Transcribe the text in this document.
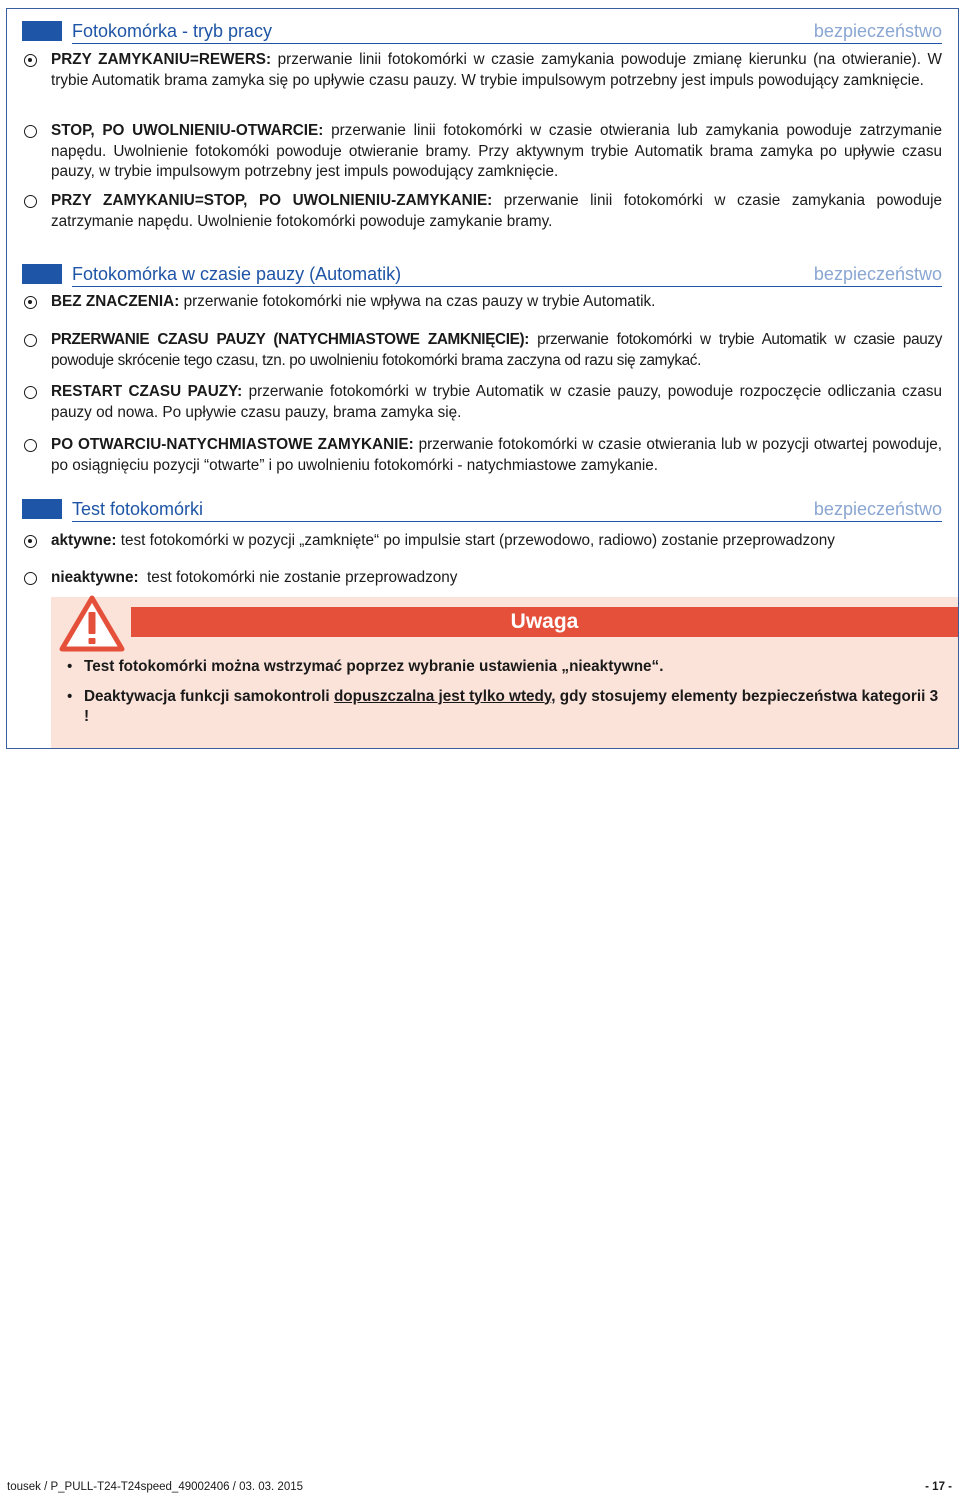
Fotokomórka - tryb pracy	bezpieczeństwo
PRZY ZAMYKANIU=REWERS: przerwanie linii fotokomórki w czasie zamykania powoduje zmianę kierunku (na otwieranie). W trybie Automatik brama zamyka się po upływie czasu pauzy. W trybie impulsowym potrzebny jest impuls powodujący zamknięcie.
STOP, PO UWOLNIENIU-OTWARCIE: przerwanie linii fotokomórki w czasie otwierania lub zamykania powoduje zatrzymanie napędu. Uwolnienie fotokomóki powoduje otwieranie bramy. Przy aktywnym trybie Automatik brama zamyka po upływie czasu pauzy, w trybie impulsowym potrzebny jest impuls powodujący zamknięcie.
PRZY ZAMYKANIU=STOP, PO UWOLNIENIU-ZAMYKANIE: przerwanie linii fotokomórki w czasie zamykania powoduje zatrzymanie napędu. Uwolnienie fotokomórki powoduje zamykanie bramy.
Fotokomórka w czasie pauzy (Automatik)	bezpieczeństwo
BEZ ZNACZENIA: przerwanie fotokomórki nie wpływa na czas pauzy w trybie Automatik.
PRZERWANIE CZASU PAUZY (NATYCHMIASTOWE ZAMKNIĘCIE): przerwanie fotokomórki w trybie Automatik w czasie pauzy powoduje skrócenie tego czasu, tzn. po uwolnieniu fotokomórki brama zaczyna od razu się zamykać.
RESTART CZASU PAUZY: przerwanie fotokomórki w trybie Automatik w czasie pauzy, powoduje rozpoczęcie odliczania czasu pauzy od nowa. Po upływie czasu pauzy, brama zamyka się.
PO OTWARCIU-NATYCHMIASTOWE ZAMYKANIE: przerwanie fotokomórki w czasie otwierania lub w pozycji otwartej powoduje, po osiągnięciu pozycji “otwarte” i po uwolnieniu fotokomórki - natychmiastowe zamykanie.
Test fotokomórki	bezpieczeństwo
aktywne: test fotokomórki w pozycji „zamknięte“ po impulsie start (przewodowo, radiowo) zostanie przeprowadzony
nieaktywne:  test fotokomórki nie zostanie przeprowadzony
Uwaga
• Test fotokomórki można wstrzymać poprzez wybranie ustawienia „nieaktywne“.
• Deaktywacja funkcji samokontroli dopuszczalna jest tylko wtedy, gdy stosujemy elementy bezpieczeństwa kategorii 3 !
tousek / P_PULL-T24-T24speed_49002406 / 03. 03. 2015	- 17 -
